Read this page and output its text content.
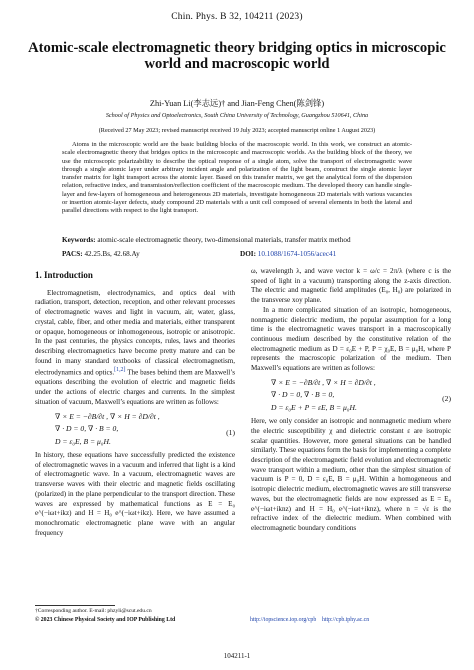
Chin. Phys. B 32, 104211 (2023)
Atomic-scale electromagnetic theory bridging optics in microscopic world and macroscopic world
Zhi-Yuan Li(李志远)† and Jian-Feng Chen(陈剑锋)
School of Physics and Optoelectronics, South China University of Technology, Guangzhou 510641, China
(Received 27 May 2023; revised manuscript received 19 July 2023; accepted manuscript online 1 August 2023)
Atoms in the microscopic world are the basic building blocks of the macroscopic world. In this work, we construct an atomic-scale electromagnetic theory that bridges optics in the microscopic and macroscopic worlds. As the building block of the theory, we use the microscopic polarizability to describe the optical response of a single atom, solve the transport of electromagnetic wave through a single atomic layer under arbitrary incident angle and polarization of the light beam, construct the single atomic layer transfer matrix for light transport across the atomic layer. Based on this transfer matrix, we get the analytical form of the dispersion relation, refractive index, and transmission/reflection coefficient of the macroscopic medium. The developed theory can handle single-layer and few-layers of homogeneous and heterogeneous 2D materials, investigate homogeneous 2D materials with various vacancies or insertion atomic-layer defects, study compound 2D materials with a unit cell composed of several elements in both the lateral and parallel directions with respect to the light transport.
Keywords: atomic-scale electromagnetic theory, two-dimensional materials, transfer matrix method
PACS: 42.25.Bs, 42.68.Ay	DOI: 10.1088/1674-1056/acec41
1. Introduction

Electromagnetism, electrodynamics, and optics deal with radiation, transport, detection, reception, and other relevant processes of electromagnetic waves and light in vacuum, air, water, glass, crystal, cable, fiber, and other media and materials, either transparent or opaque, homogeneous or inhomogeneous, isotropic or anisotropic. In the past centuries, the physics concepts, rules, laws and theories describing electromagnetics have become pretty mature and can be found in many standard textbooks of classical electromagnetism, electrodynamics and optics.[1,2] The bases behind them are Maxwell’s equations describing the evolution of electric and magnetic fields under the actions of electric charges and currents. In the simplest situation of vacuum, Maxwell’s equations are written as follows:

∇ × E = −∂B/∂t , ∇ × H = ∂D/∂t ,
∇ · D = 0, ∇ · B = 0,
D = ε₀E, B = μ₀H.
(1)

In history, these equations have successfully predicted the existence of electromagnetic waves in a vacuum and inferred that light is a kind of electromagnetic wave. In a vacuum, electromagnetic waves are transverse waves with their electric and magnetic fields oscillating (polarized) in the plane perpendicular to the transport direction. These waves are expressed by mathematical functions as E = E₀ e^(−iωt+ikz) and H = H₀ e^(−iωt+ikz). Here, we have assumed a monochromatic electromagnetic plane wave with an angular frequency

ω, wavelength λ, and wave vector k = ω/c = 2π/λ (where c is the speed of light in a vacuum) transporting along the z-axis direction. The electric and magnetic field amplitudes (E₀, H₀) are polarized in the transverse xoy plane.

In a more complicated situation of an isotropic, homogeneous, nonmagnetic dielectric medium, the popular assumption for a long time is the electromagnetic waves transport in a macroscopically continuous medium described by the constitutive relation of the electromagnetic medium as D = ε₀E + P, P = χ₀E, B = μ₀H, where P represents the macroscopic polarization of the medium. Then Maxwell’s equations are written as follows:

∇ × E = −∂B/∂t , ∇ × H = ∂D/∂t ,
∇ · D = 0, ∇ · B = 0,
D = ε₀E + P = εE, B = μ₀H.
(2)

Here, we only consider an isotropic and nonmagnetic medium where the electric susceptibility χ and dielectric constant ε are isotropic scalar quantities. However, more general situations can be handled similarly. These equations form the basis for implementing a complete description of the electromagnetic field evolution and electromagnetic wave transport within a medium, other than the simplest situation of vacuum is P = 0, D = ε₀E, B = μ₀H. Within a homogeneous and isotropic dielectric medium, electromagnetic waves are still transverse waves, but the electromagnetic fields are now expressed as E = E₀ e^(−iωt+iknz) and H = H₀ e^(−iωt+iknz), where n = √ε is the refractive index of the dielectric medium. When combined with electromagnetic boundary conditions

†Corresponding author. E-mail: phzyli@scut.edu.cn
© 2023 Chinese Physical Society and IOP Publishing Ltd	http://iopscience.iop.org/cpb http://cpb.iphy.ac.cn
104211-1
